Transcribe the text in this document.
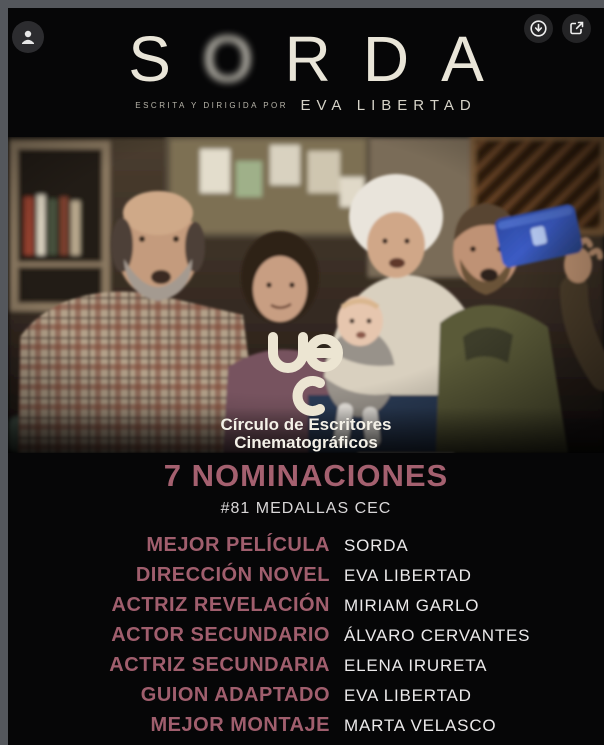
S O R D A
ESCRITA Y DIRIGIDA POR EVA LIBERTAD
Círculo de Escritores
Cinematográficos
7 NOMINACIONES
#81 MEDALLAS CEC
MEJOR PELÍCULA SORDA
DIRECCIÓN NOVEL EVA LIBERTAD
ACTRIZ REVELACIÓN MIRIAM GARLO
ACTOR SECUNDARIO ÁLVARO CERVANTES
ACTRIZ SECUNDARIA ELENA IRURETA
GUION ADAPTADO EVA LIBERTAD
MEJOR MONTAJE MARTA VELASCO
